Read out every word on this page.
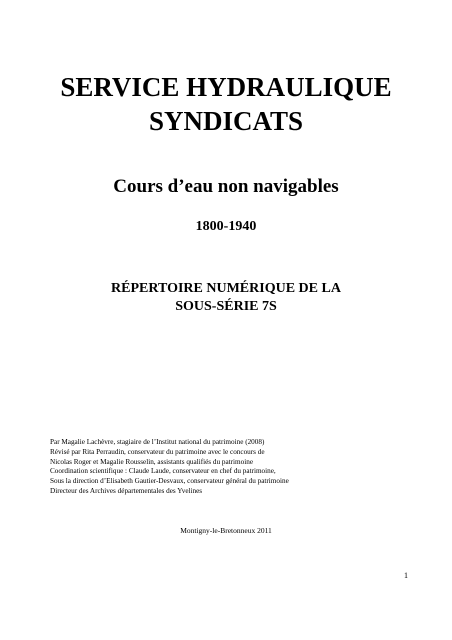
SERVICE HYDRAULIQUE
SYNDICATS
Cours d’eau non navigables
1800-1940
RÉPERTOIRE NUMÉRIQUE DE LA
SOUS-SÉRIE 7S
Par Magalie Lachèvre, stagiaire de l’Institut national du patrimoine (2008)
Révisé par Rita Perraudin, conservateur du patrimoine avec le concours de
Nicolas Roger et Magalie Rousselin, assistants qualifiés du patrimoine
Coordination scientifique : Claude Laude, conservateur en chef du patrimoine,
Sous la direction d’Elisabeth Gautier-Desvaux, conservateur général du patrimoine
Directeur des Archives départementales des Yvelines
Montigny-le-Bretonneux 2011
1
